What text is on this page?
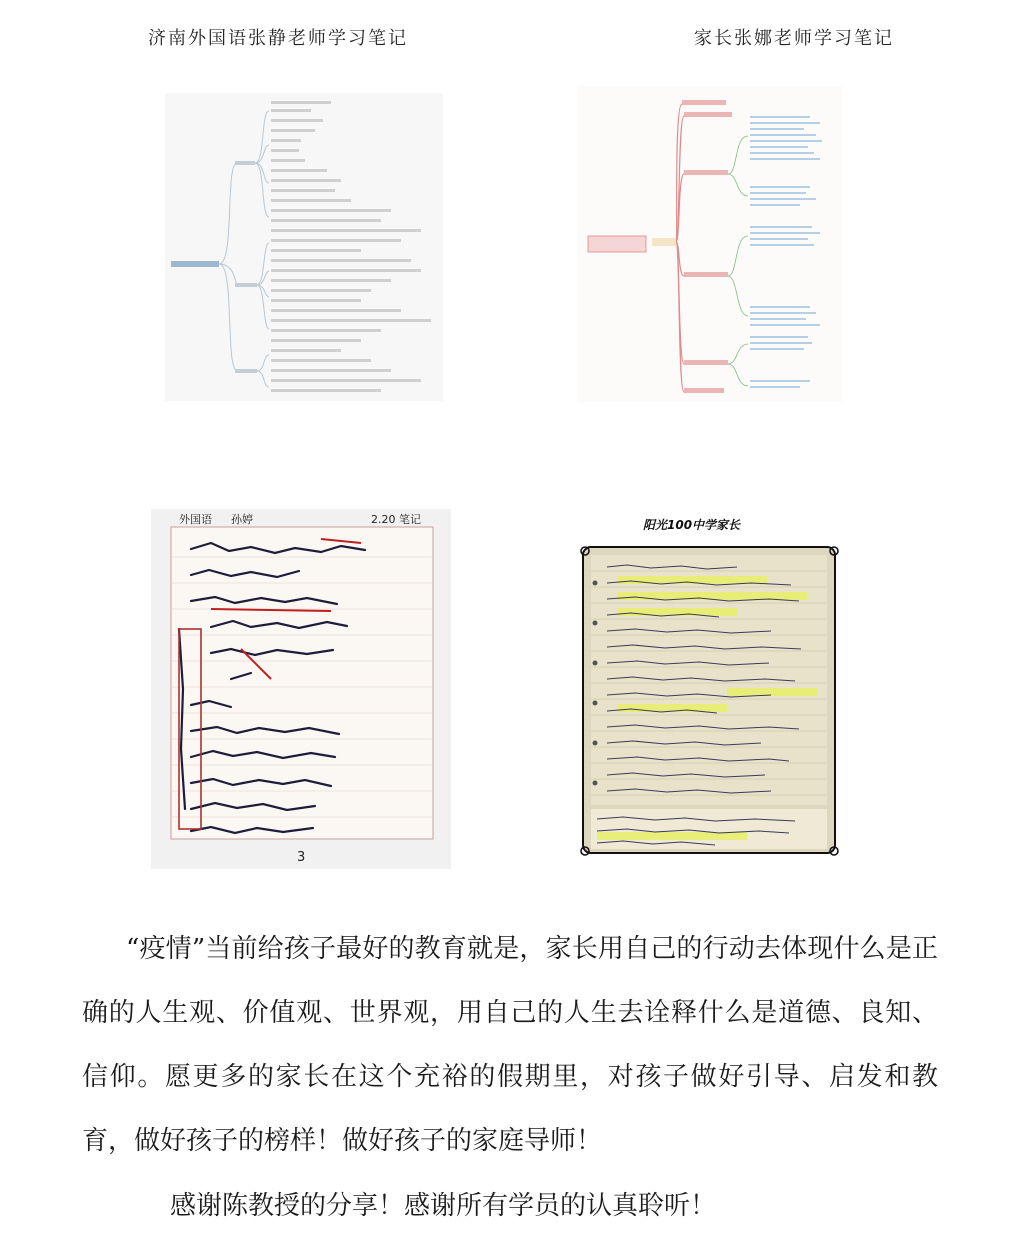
济南外国语张静老师学习笔记	家长张娜老师学习笔记
外国语 孙婷	2.20 笔记
3
阳光100中学家长
“疫情”当前给孩子最好的教育就是，家长用自己的行动去体现什么是正确的人生观、价值观、世界观，用自己的人生去诠释什么是道德、良知、信仰。愿更多的家长在这个充裕的假期里，对孩子做好引导、启发和教育，做好孩子的榜样！做好孩子的家庭导师！
感谢陈教授的分享！感谢所有学员的认真聆听！
